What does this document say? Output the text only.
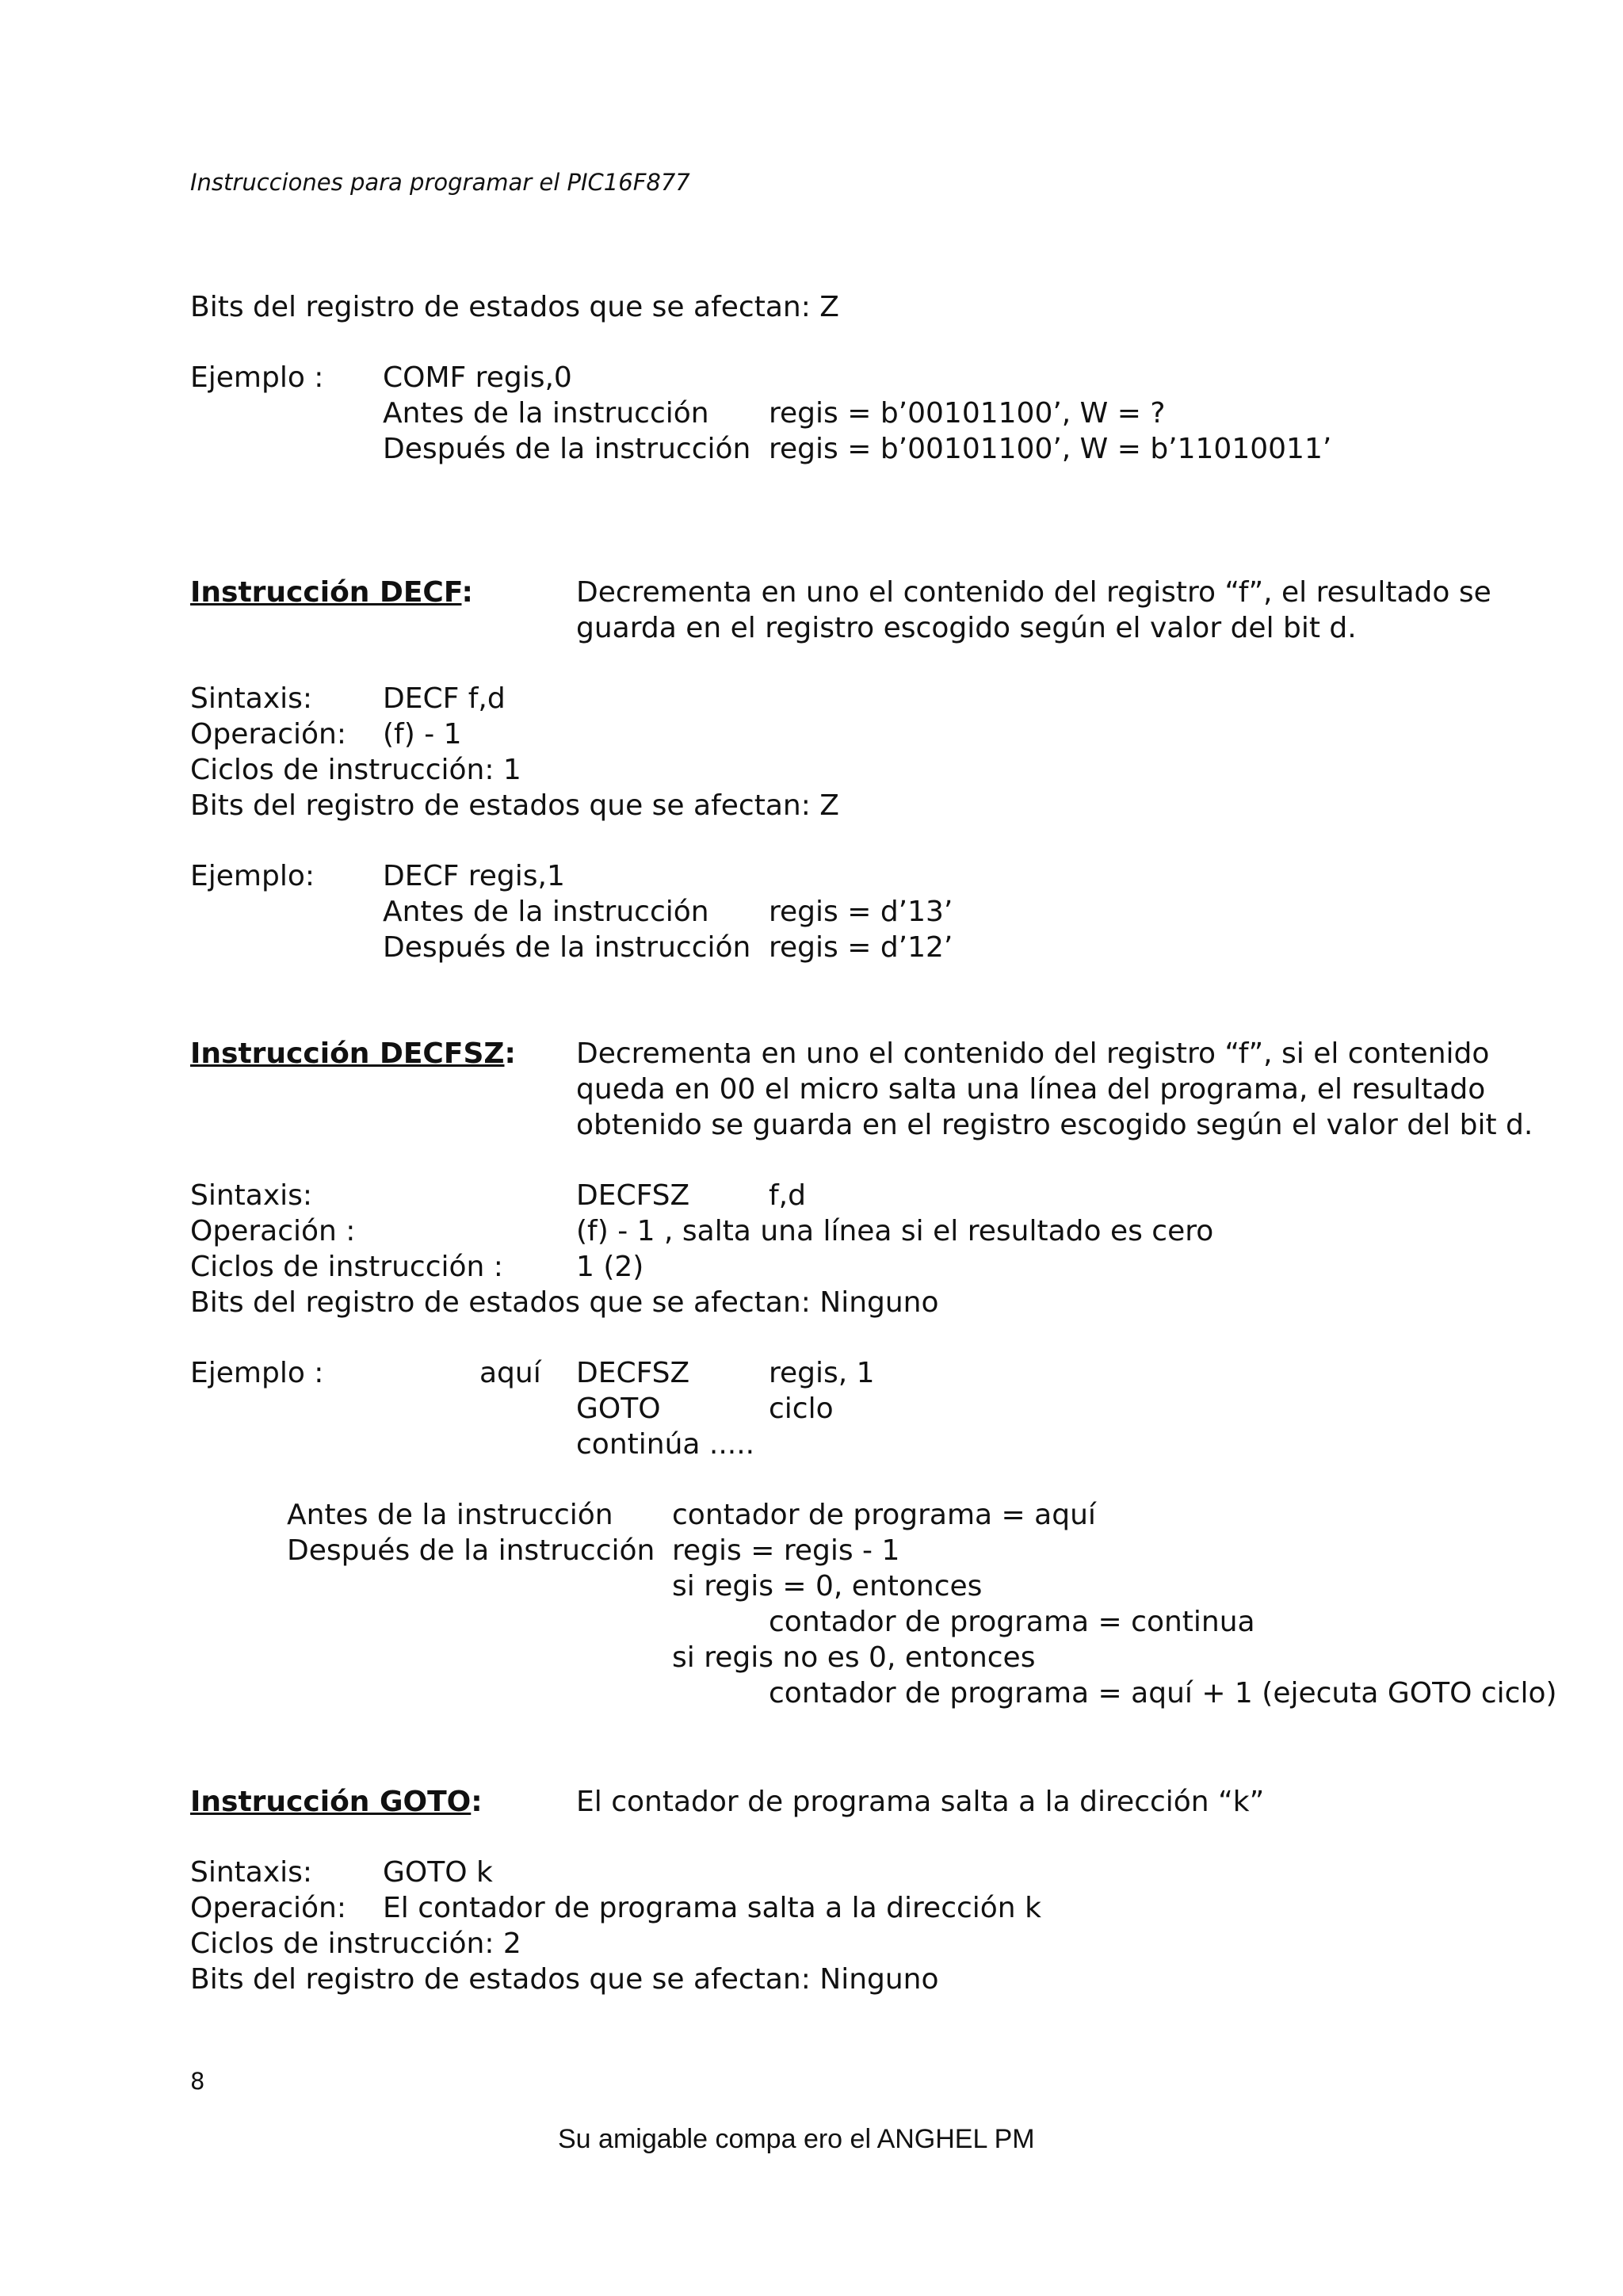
Instrucciones para programar el PIC16F877
Bits del registro de estados que se afectan: Z
Ejemplo : COMF regis,0
Antes de la instrucción regis = b’00101100’, W = ?
Después de la instrucción regis = b’00101100’, W = b’11010011’
Instrucción DECF:	Decrementa en uno el contenido del registro “f”, el resultado se
guarda en el registro escogido según el valor del bit d.
Sintaxis: DECF f,d
Operación: (f) - 1
Ciclos de instrucción: 1
Bits del registro de estados que se afectan: Z
Ejemplo: DECF regis,1
Antes de la instrucción regis = d’13’
Después de la instrucción regis = d’12’
Instrucción DECFSZ: Decrementa en uno el contenido del registro “f”, si el contenido
queda en 00 el micro salta una línea del programa, el resultado
obtenido se guarda en el registro escogido según el valor del bit d.
Sintaxis:	DECFSZ	f,d
Operación :	(f) - 1 , salta una línea si el resultado es cero
Ciclos de instrucción :	1 (2)
Bits del registro de estados que se afectan: Ninguno
Ejemplo :	aquí DECFSZ	regis, 1
GOTO	ciclo
continúa .....
Antes de la instrucción contador de programa = aquí
Después de la instrucción regis = regis - 1
si regis = 0, entonces
contador de programa = continua
si regis no es 0, entonces
contador de programa = aquí + 1 (ejecuta GOTO ciclo)
Instrucción GOTO:	El contador de programa salta a la dirección “k”
Sintaxis: GOTO k
Operación: El contador de programa salta a la dirección k
Ciclos de instrucción: 2
Bits del registro de estados que se afectan: Ninguno
8
Su amigable compa ero el ANGHEL PM
